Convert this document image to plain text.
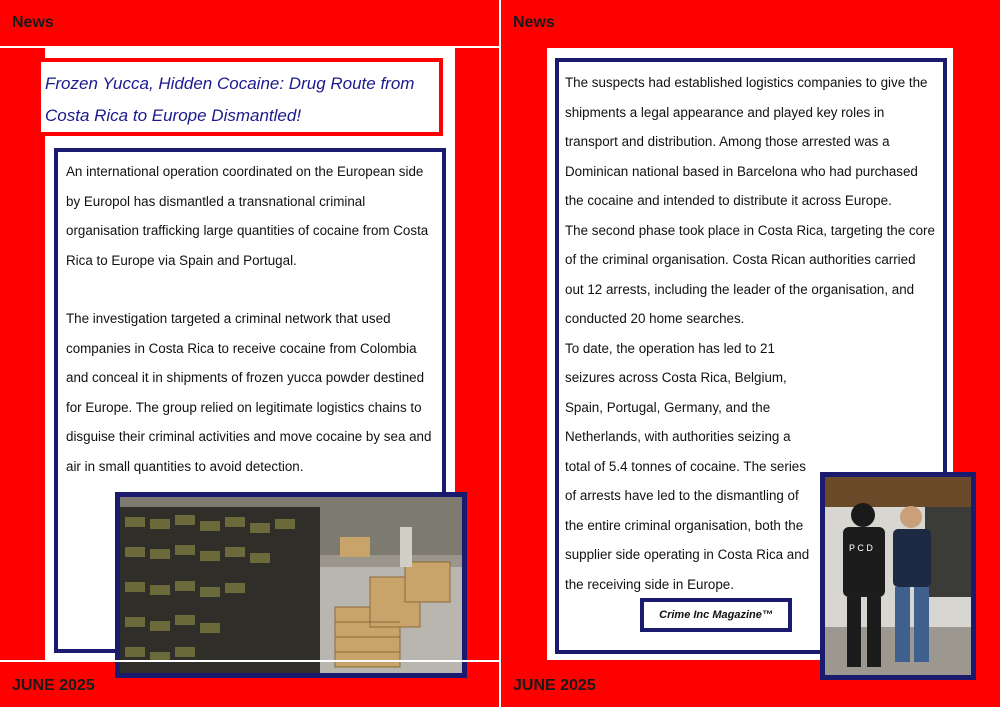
News

Frozen Yucca, Hidden Cocaine: Drug Route from Costa Rica to Europe Dismantled!

An international operation coordinated on the European side by Europol has dismantled a transnational criminal organisation trafficking large quantities of cocaine from Costa Rica to Europe via Spain and Portugal.

The investigation targeted a criminal network that used companies in Costa Rica to receive cocaine from Colombia and conceal it in shipments of frozen yucca powder destined for Europe. The group relied on legitimate logistics chains to disguise their criminal activities and move cocaine by sea and air in small quantities to avoid detection.

JUNE 2025
News

The suspects had established logistics companies to give the shipments a legal appearance and played key roles in transport and distribution. Among those arrested was a Dominican national based in Barcelona who had purchased the cocaine and intended to distribute it across Europe.

The second phase took place in Costa Rica, targeting the core of the criminal organisation. Costa Rican authorities carried out 12 arrests, including the leader of the organisation, and conducted 20 home searches.

To date, the operation has led to 21 seizures across Costa Rica, Belgium, Spain, Portugal, Germany, and the Netherlands, with authorities seizing a total of 5.4 tonnes of cocaine. The series of arrests have led to the dismantling of the entire criminal organisation, both the supplier side operating in Costa Rica and the receiving side in Europe.

P C D
JUNE 2025
Crime Inc Magazine™
